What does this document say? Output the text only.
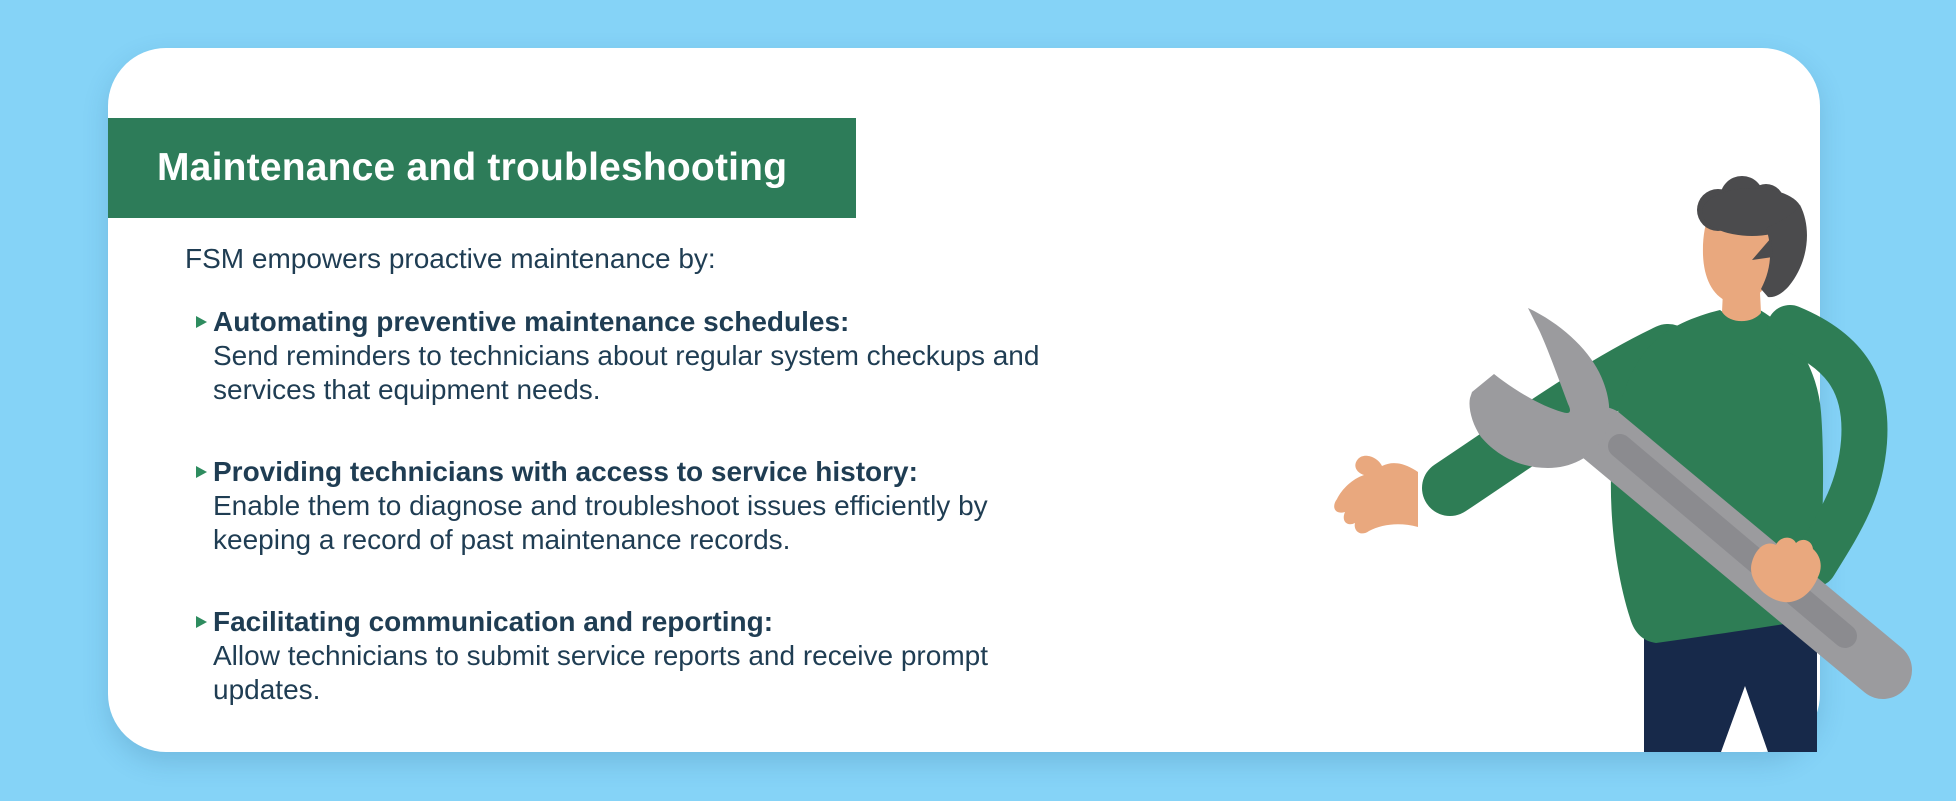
Maintenance and troubleshooting

FSM empowers proactive maintenance by:

Automating preventive maintenance schedules:
Send reminders to technicians about regular system checkups and
services that equipment needs.
Providing technicians with access to service history:
Enable them to diagnose and troubleshoot issues efficiently by
keeping a record of past maintenance records.
Facilitating communication and reporting:
Allow technicians to submit service reports and receive prompt
updates.
